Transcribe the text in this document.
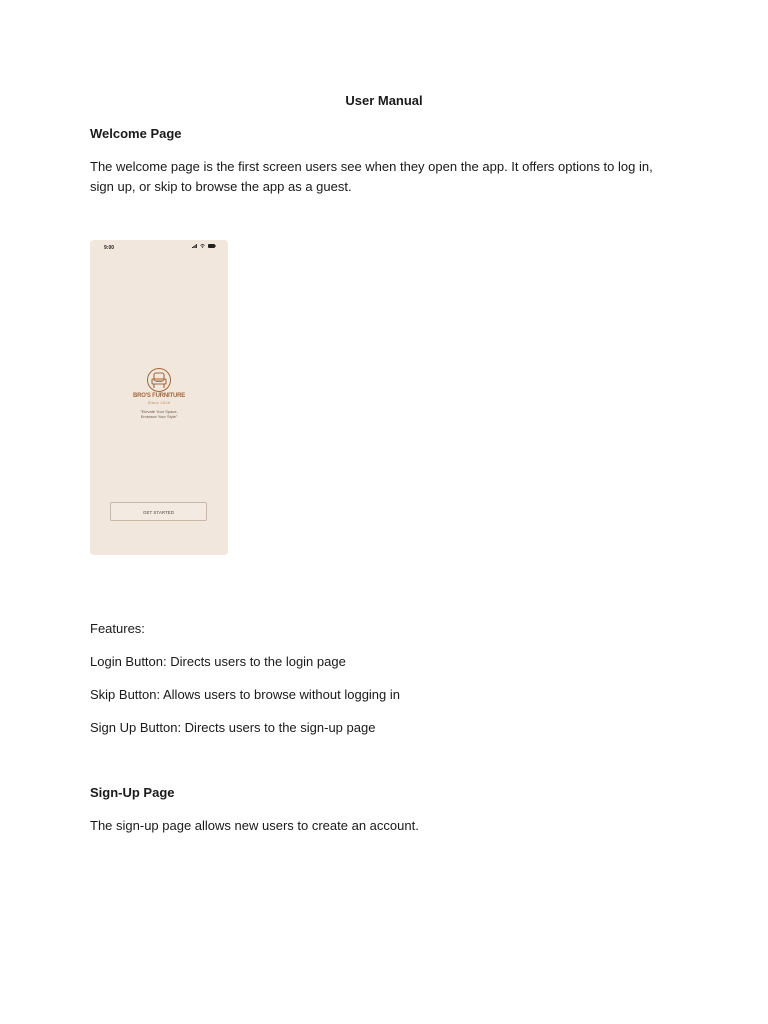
User Manual
Welcome Page
The welcome page is the first screen users see when they open the app. It offers options to log in, sign up, or skip to browse the app as a guest.
9:00
BRO'S FURNITURE
Since 2020
"Elevate Your Space,
Embrace Your Style"
GET STARTED
Features:
Login Button: Directs users to the login page
Skip Button: Allows users to browse without logging in
Sign Up Button: Directs users to the sign-up page
Sign-Up Page
The sign-up page allows new users to create an account.
